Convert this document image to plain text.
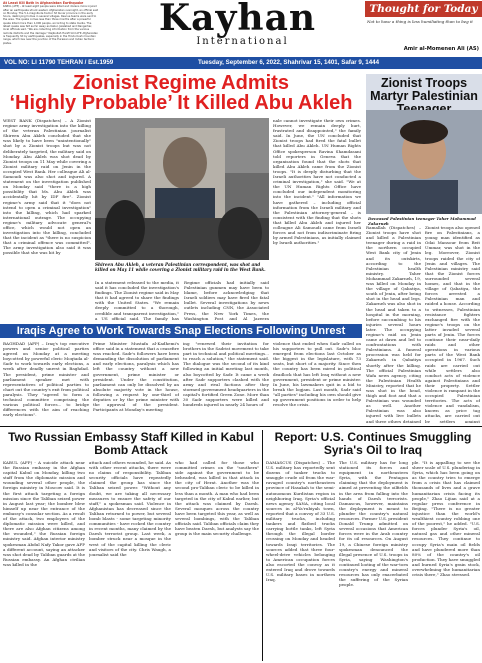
At Least Kill Both in Afghanistan Earthquake
KABUL (AFP) - At least eight people were killed and dozens more injured after an earthquake struck eastern Afghanistan overnight, an official said on Monday. The 5.1-magnitude tremor hit Kunar province in the early hours, destroying homes in several villages. Rescue teams were sent to the area. The quake comes less than three months after a powerful quake killed more than 1,000 people, according to state media. The latest quake was felt as far away as Kabul, Jalalabad and Nangarhar, local officials said. "We are collecting information from the various remote districts and the damage," Najibullah Hanifi told AFP. Afghanistan is frequently hit by earthquakes, especially in the Hindu Kush mountain range, which lies near the junction of the Eurasian and Indian tectonic plates.
Kayhan
International
Thought for Today
Not to have a thing is less humiliating than to beg it
Amir al-Momenen Ali (AS)
VOL NO: LI 11790 TEHRAN / Est.1959	Tuesday, September 6, 2022, Shahrivar 15, 1401, Safar 9, 1444
Zionist Regime Admits
‘Highly Probable’ It Killed Abu Akleh
WEST BANK (Dispatches) – A Zionist regime army investigation into the killing of the veteran Palestinian journalist Shireen Abu Akleh concluded that she was likely to have been "unintentionally" shot by a Zionist troops but was not deliberately targeted, the military said on Monday. Abu Akleh was shot dead by Zionist troops on 11 May while covering a Zionist military raid on Jenin in the occupied West Bank. Her colleague Ali al-Samoudi was also shot and injured. A statement on the investigation published on Monday said "there is a high possibility that Ms. Abu Akleh was accidentally hit by IDF fire". Zionist regime's army said that it "does not intend to open a criminal investigation" into the killing, which had sparked international outrage. The occupying regime's military advocate general's office, which would not open an investigation into the killing, concluded that the incident as "there is no suspicion that a criminal offence was committed". The army investigation also said it was possible that she was hit by
Shireen Abu Akleh, a veteran Palestinian correspondent, was shot and killed on May 11 while covering a Zionist military raid in the West Bank.
In a statement released to the media, it said it has concluded the investigation's findings. The Zionist regime said in May that it had agreed to share the findings with the United States. "We remain deeply committed to a thorough, credible and transparent investigation," a US official said. The family has
Regime officials had initially said Palestinian gunmen may have been to blame, before acknowledging that Israeli soldiers may have fired the fatal bullet. Several investigations by news outlets including CNN, the Associated Press, the New York Times, the Washington Post and Al Jazeera
nale cannot investigate their own crimes. However, we remain deeply hurt, frustrated and disappointed," the family said. In June, the UN concluded that Zionist troops had fired the fatal bullet that killed Abu Akleh. UN Human Rights Office spokesperson Ravina Shamdasani told reporters in Geneva that the organisation found that the shots that killed Abu Akleh came from the Zionist troops. "It is deeply disturbing that the Israeli authorities have not conducted a criminal investigation," she said. "We at the UN Human Rights Office have concluded our independent monitoring into the incident." "All information we have gathered – including official information from the Israeli military and the Palestinian attorney-general – is consistent with the finding that the shots that killed Abu Akleh and injured her colleague Ali Samoudi came from Israeli forces and not from indiscriminate firing by armed Palestinians, as initially claimed by Israeli authorities."
Iraqis Agree to Work Towards Snap Elections Following Unrest
BAGHDAD (AFP) – Iraq's top executive powers and senior political parties agreed on Monday at a meeting boycotted by powerful cleric Moqtada al-Sadr to work towards early elections, a week after deadly unrest in Baghdad. The president, prime minister and parliament speaker met with representatives of political parties to chart out the country's exit from political paralysis. They "agreed to form a technical committee comprising the various political forces... to bridge differences with the aim of reaching early elections".
Prime Minister Mustafa al-Kadhemi's office said in a statement that a ceasefire was reached. Sadr's followers have been demanding the dissolution of parliament and early elections, paralysis which has left the country without a new government, prime minister or president. Under the constitution, parliament can only be dissolved by an absolute majority vote in the house, following a request by one-third of deputies or by the prime minister with the approval of the president. Participants at Monday's meeting
ing "renewed their invitation for brothers in the Sadrist movement to take part in technical and political meetings... to reach a solution," the statement said. The dialogue was the second of its kind following an initial meeting last month, also boycotted by Sadr. It came a week after Sadr supporters clashed with the army and rival factions after they stormed government headquarters in the capital's fortified Green Zone. More than 30 Sadr supporters were killed and hundreds injured in nearly 24 hours of
violence that ended when Sadr called on his supporters to pull out. Sadr's bloc emerged from elections last October as the biggest in the legislature, with 73 seats, but short of a majority. Since then the country has been mired in political deadlock that has left Iraq without a new government, president or prime minister. In June, his lawmakers quit in a bid to break the logjam. Last month, Sadr said "all parties" including his own should give up government positions in order to help resolve the crisis.
Zionist Troops Martyr Palestinian
Deceased Palestinian teenager Taher Mohammad Zakarneh
Ramallah (Dispatches) – Zionist troops have shot and killed a Palestinian teenager during a raid in the northern occupied West Bank city of Jenin and its outskirts, according to the Palestinian health ministry. Taher Mohammad Zakarneh, 19, was killed on Monday in the village of Qabatiya, south of Jenin, after being shot in the head and legs. Zakarneh was also shot in the head and taken to a hospital in the morning, before succumbing to his injuries several hours later. The occupying regime's raid on Jenin came at dawn and led to confrontations with Palestinians. A funeral procession was held for Zakarneh in Qabatiya shortly after the killing. The official Palestinian Wafa news agency, citing the Palestinian Health Ministry, reported that he was shot in the head, thigh and foot and that a Palestinian was wounded as well. Another Palestinian was also injured with live bullets and three others detained
Zionist troops also opened fire on Palestinians, a young man identified as Odai Mansour from Beit Ummar, was shot in the leg. Moreover, Zionist troops raided the city of Jenin and villages. The Palestinian ministry said that the Zionist forces surrounded several homes, and that in the village of Qabatiya, the forces arrested a Palestinian man and raided a house. According to witnesses, Palestinian resistance fighters exchanged fire with the regime's troops on the latter invaded several parts of Jenin. The forces continue their near-daily raids and other operations in various parts of the West Bank occupied in 1967. Such raids are carried out while settlers also conduct acts of violence against Palestinians and their property. Settler violence is rampant in the occupied Palestinian territories. The acts of violence and vandalism, known as price tag attacks, are carried out by settlers against
Two Russian Embassy Staff Killed in Kabul Bomb Attack
KABUL (AFP) - A suicide attack near the Russian embassy in the Afghan capital Kabul on Monday, killing two staff from the diplomatic mission and wounding several other people, the foreign ministry in Moscow said. It is the first attack targeting a foreign mission since the Taliban seized power in August last year; the bomber blew himself up near the entrance of the embassy's consular section. As a result of the attack, two employees of the diplomatic mission were killed, and there are also Afghan citizens among the wounded," the Russian foreign ministry said. Afghan interior ministry spokesman Abdul Nafy Takor gave AFP a different account, saying an attacker was shot dead by Taliban guards at the Russian embassy. An Afghan civilian was killed in the
attack and others wounded, he said. As with other recent attacks, there were no claims of responsibility. Taliban security officials have repeatedly claimed the group has since the Taliban seized power. "Without any doubt, we are taking all necessary measures to ensure the safety of our staff," a spokesman said. Violence in Afghanistan has decreased since the Taliban returned to power, but several bomb blasts - some targeting minority communities - have rocked the country in recent months, many claimed by the Daesh terrorist group. Last week, a bomber struck near a mosque in the west of the capital killing the cleric and visitors of the city. Chris Waugh, a journalist said the
who had called for those who committed crimes on the "southern" side against the government to be beheaded, was killed in that attack in the city of Herat. Another was the second pro-Taliban cleric to be killed in less than a month. A man who had been targeted in the city of Kabul earlier, but the attack was claimed by Daesh. Several mosques across the country have been targeted this year, as well as several bombings, with the Taliban officials said. Taliban officials claim they have beaten Daesh, but analysts say the group is the main security challenge.
Report: U.S. Continues Smuggling Syria's Oil to Iraq
DAMASCUS (Dispatches) – The U.S. military has reportedly sent dozens of tanker trucks to smuggle crude oil from the war-ravaged country's northeastern province of Hasakah to the semi-autonomous Kurdistan region in neighboring Iraq. Syria's official news agency SANA, citing local sources in al-Ya'rubiyah town, reported that a convoy of 33 U.S. military trucks, including tankers and flatbed trucks carrying bottle tanks, left Syria through the illegal border crossing on Monday and headed towards Iraqi territories. The sources added that three four-wheel-drive vehicles belonging to American occupation forces also escorted the convoy as it entered Iraq and drove towards U.S. military bases in northern Iraq.
The U.S. military has for long stationed its forces and equipment in northeastern Syria, with the Pentagon claiming that the deployment is aimed at preventing the oilfields in the area from falling into the hands of Daesh terrorists. Damascus, however, maintains the deployment is meant to plunder the country's natural resources. Former U.S. president Donald Trump admitted on several occasions that American forces were in the Arab country for its oil resources. On August 19, a Chinese foreign ministry spokesman denounced the illegal presence of U.S. troops in Syria, saying Washington's continued looting of the war-torn country's energy and mineral resources has only exacerbated the suffering of the Syrian people.
ple. "It is appalling to see the sheer scale of U.S. plundering in Syria, which has been going on as the country tries to emerge from a crisis that has claimed thousands of lives and a grave humanitarian crisis facing its people," Zhao Lijian said at a regular press conference in Beijing. "There is no greater injustice than the world's wealthiest country robbing one of the poorest," he added. "U.S. forces plunder Syria's oil, natural gas and other mineral resources. They continue to occupy Syria's main oil fields and have plundered more than 80% of the country's oil production. They have smuggled and burned Syria's grain stock, overwhelming the humanitarian crisis there," Zhao stressed.
